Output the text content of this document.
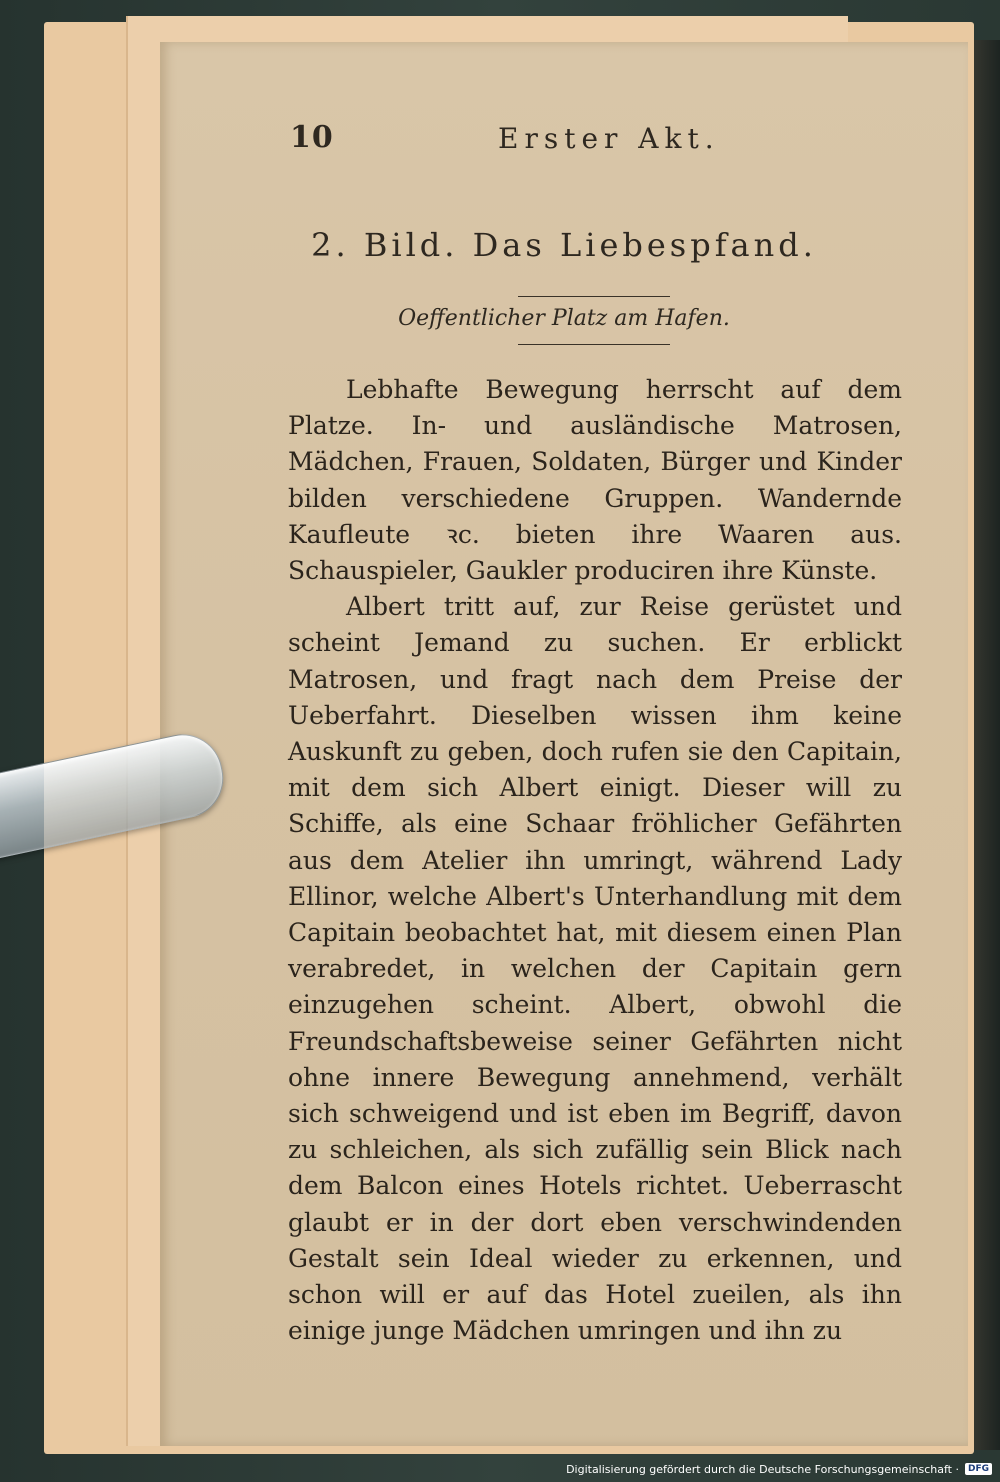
10	Erster Akt.
2. Bild. Das Liebespfand.
Oeffentlicher Platz am Hafen.

Lebhafte Bewegung herrscht auf dem Platze. In- und ausländische Matrosen, Mädchen, Frauen, Soldaten, Bürger und Kinder bilden verschiedene Gruppen. Wandernde Kaufleute ꝛc. bieten ihre Waaren aus. Schauspieler, Gaukler produciren ihre Künste.

Albert tritt auf, zur Reise gerüstet und scheint Jemand zu suchen. Er erblickt Matrosen, und fragt nach dem Preise der Ueberfahrt. Dieselben wissen ihm keine Auskunft zu geben, doch rufen sie den Capitain, mit dem sich Albert einigt. Dieser will zu Schiffe, als eine Schaar fröhlicher Gefährten aus dem Atelier ihn umringt, während Lady Ellinor, welche Albert's Unterhandlung mit dem Capitain beobachtet hat, mit diesem einen Plan verabredet, in welchen der Capitain gern einzugehen scheint. Albert, obwohl die Freundschaftsbeweise seiner Gefährten nicht ohne innere Bewegung annehmend, verhält sich schweigend und ist eben im Begriff, davon zu schleichen, als sich zufällig sein Blick nach dem Balcon eines Hotels richtet. Ueberrascht glaubt er in der dort eben verschwindenden Gestalt sein Ideal wieder zu erkennen, und schon will er auf das Hotel zueilen, als ihn einige junge Mädchen umringen und ihn zu

Digitalisierung gefördert durch die Deutsche Forschungsgemeinschaft ·	DFG
